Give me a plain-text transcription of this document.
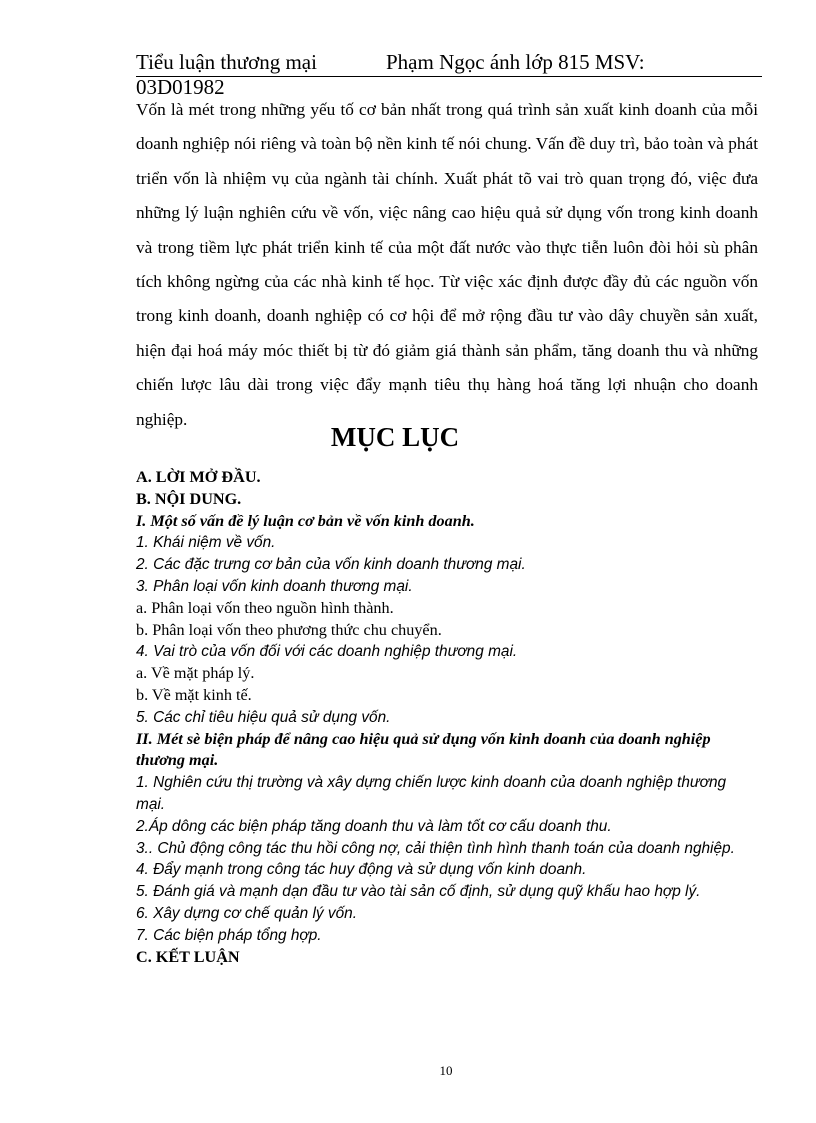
Tiểu luận thương mại	Phạm Ngọc ánh lớp 815 MSV:
03D01982
Vốn là mét trong những yếu tố cơ bản nhất trong quá trình sản xuất kinh doanh của mỗi doanh nghiệp nói riêng và toàn bộ nền kinh tế nói chung. Vấn đề duy trì, bảo toàn và phát triển vốn là nhiệm vụ của ngành tài chính. Xuất phát tõ vai trò quan trọng đó, việc đưa những lý luận nghiên cứu về vốn, việc nâng cao hiệu quả sử dụng vốn trong kinh doanh và trong tiềm lực phát triển kinh tế của một đất nước vào thực tiễn luôn đòi hỏi sù phân tích không ngừng của các nhà kinh tế học. Từ việc xác định được đầy đủ các nguồn vốn trong kinh doanh, doanh nghiệp có cơ hội để mở rộng đầu tư vào dây chuyền sản xuất, hiện đại hoá máy móc thiết bị từ đó giảm giá thành sản phẩm, tăng doanh thu và những chiến lược lâu dài trong việc đẩy mạnh tiêu thụ hàng hoá tăng lợi nhuận cho doanh nghiệp.
MỤC LỤC
A. LỜI MỞ ĐẦU.
B. NỘI DUNG.
I. Một số vấn đề lý luận cơ bản về vốn kinh doanh.
1. Khái niệm về vốn.
2. Các đặc trưng cơ bản của vốn kinh doanh thương mại.
3. Phân loại vốn kinh doanh thương mại.
a. Phân loại vốn theo nguồn hình thành.
b. Phân loại vốn theo phương thức chu chuyển.
4. Vai trò của vốn đối với các doanh nghiệp thương mại.
a. Về mặt pháp lý.
b. Về mặt kinh tế.
5. Các chỉ tiêu hiệu quả sử dụng vốn.
II. Mét sè biện pháp để nâng cao hiệu quả sử dụng vốn kinh doanh của doanh nghiệp thương mại.
1. Nghiên cứu thị trường và xây dựng chiến lược kinh doanh của doanh nghiệp thương mại.
2.Áp dông các biện pháp tăng doanh thu và làm tốt cơ cấu doanh thu.
3.. Chủ động công tác thu hồi công nợ, cải thiện tình hình thanh toán của doanh nghiệp.
4. Đẩy mạnh trong công tác huy động và sử dụng vốn kinh doanh.
5. Đánh giá và mạnh dạn đầu tư vào tài sản cố định, sử dụng quỹ khấu hao hợp lý.
6. Xây dựng cơ chế quản lý vốn.
7. Các biện pháp tổng hợp.
C. KẾT LUẬN
10
